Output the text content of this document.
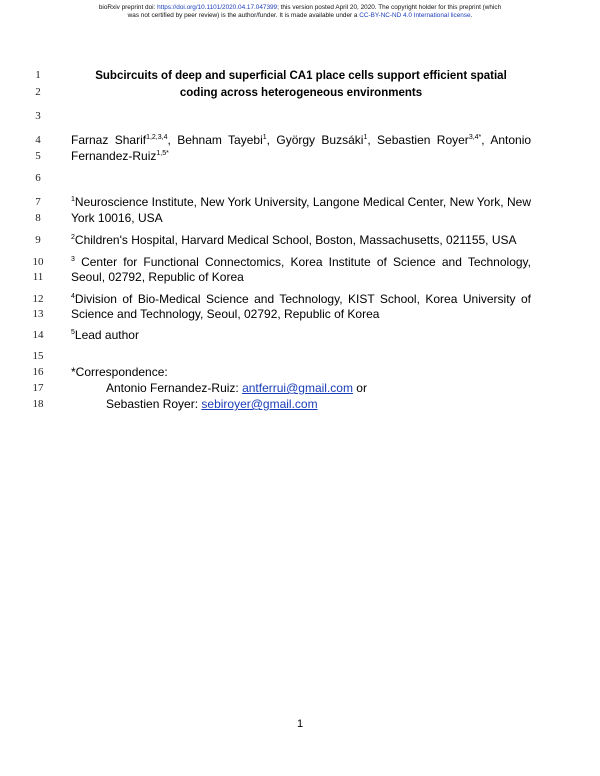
bioRxiv preprint doi: https://doi.org/10.1101/2020.04.17.047399; this version posted April 20, 2020. The copyright holder for this preprint (which
was not certified by peer review) is the author/funder. It is made available under a CC-BY-NC-ND 4.0 International license.
1
2
3
4
5
6
7
8
9
10
11
12
13
14
15
16
17
18
Subcircuits of deep and superficial CA1 place cells support efficient spatial
coding across heterogeneous environments
Farnaz Sharif$^{1,2,3,4}$, Behnam Tayebi$^1$, György Buzsáki$^1$, Sebastien Royer$^{3,4*}$, Antonio
Fernandez-Ruiz$^{1,5*}$
$^1$Neuroscience Institute, New York University, Langone Medical Center, New York, New
York 10016, USA
$^2$Children's Hospital, Harvard Medical School, Boston, Massachusetts, 021155, USA
$^3$ Center for Functional Connectomics, Korea Institute of Science and Technology,
Seoul, 02792, Republic of Korea
$^4$Division of Bio-Medical Science and Technology, KIST School, Korea University of
Science and Technology, Seoul, 02792, Republic of Korea
$^5$Lead author
*Correspondence:
Antonio Fernandez-Ruiz: antferrui@gmail.com or
Sebastien Royer: sebiroyer@gmail.com
1
